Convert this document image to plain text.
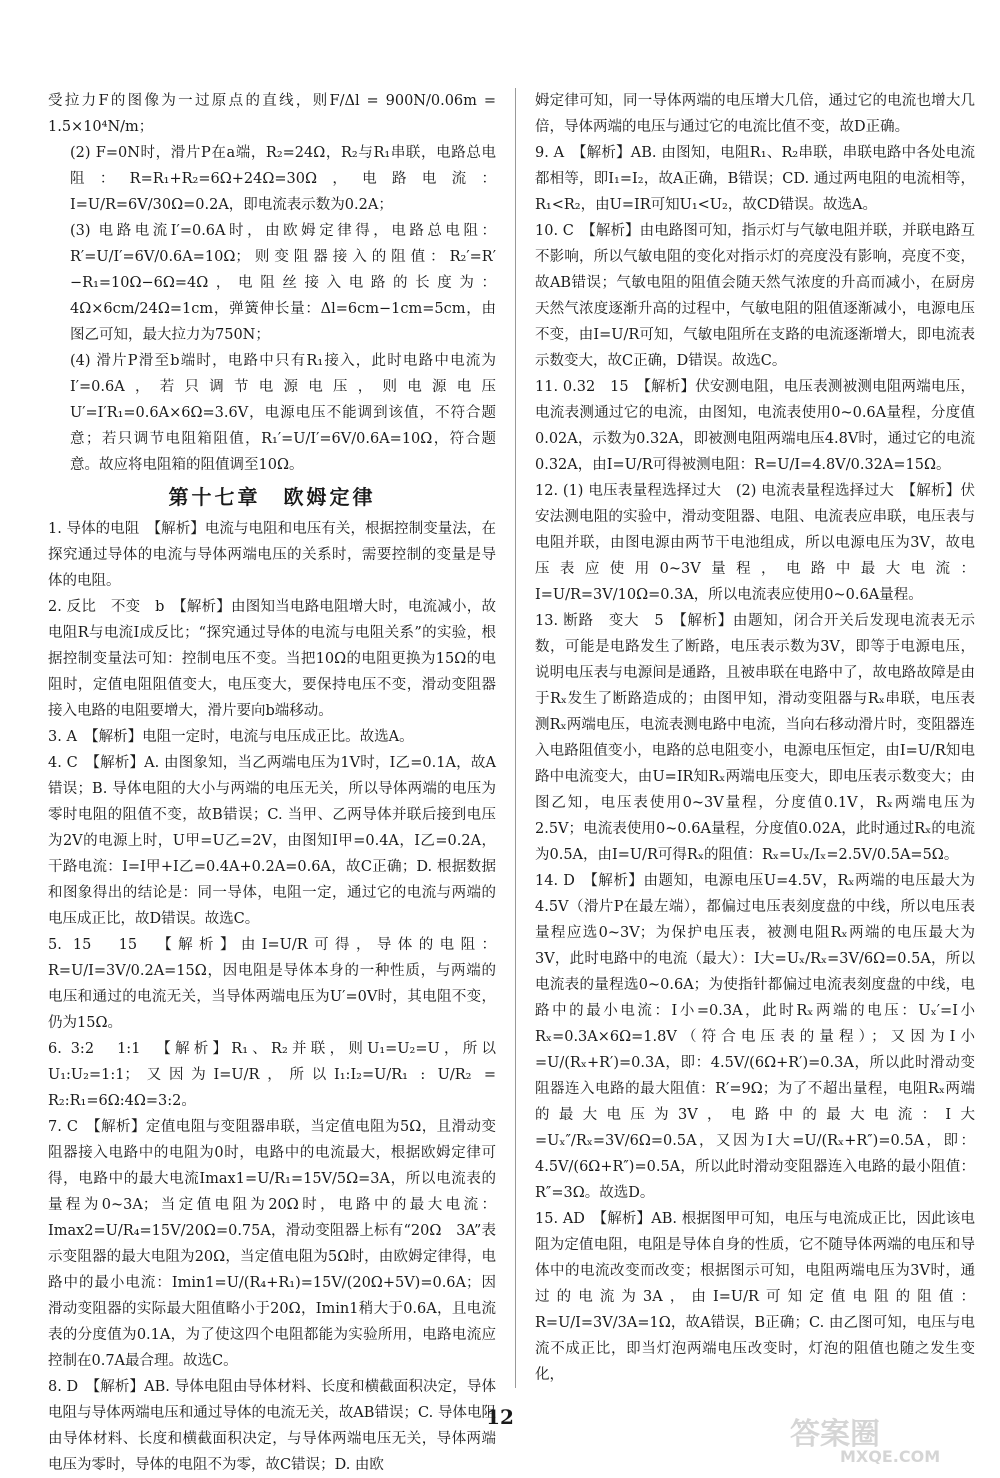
受拉力F的图像为一过原点的直线，则F/Δl = 900N/0.06m = 1.5×10⁴N/m；

(2) F=0N时，滑片P在a端，R₂=24Ω，R₂与R₁串联，电路总电阻：R=R₁+R₂=6Ω+24Ω=30Ω，电路电流：I=U/R=6V/30Ω=0.2A，即电流表示数为0.2A；

(3) 电路电流I′=0.6A时，由欧姆定律得，电路总电阻：R′=U/I′=6V/0.6A=10Ω；则变阻器接入的阻值：R₂′=R′−R₁=10Ω−6Ω=4Ω，电阻丝接入电路的长度为：4Ω×6cm/24Ω=1cm，弹簧伸长量：Δl=6cm−1cm=5cm，由图乙可知，最大拉力为750N；

(4) 滑片P滑至b端时，电路中只有R₁接入，此时电路中电流为I′=0.6A，若只调节电源电压，则电源电压U′=I′R₁=0.6A×6Ω=3.6V，电源电压不能调到该值，不符合题意；若只调节电阻箱阻值，R₁′=U/I′=6V/0.6A=10Ω，符合题意。故应将电阻箱的阻值调至10Ω。

第十七章　欧姆定律

1. 导体的电阻　【解析】电流与电阻和电压有关，根据控制变量法，在探究通过导体的电流与导体两端电压的关系时，需要控制的变量是导体的电阻。

2. 反比　不变　b　【解析】由图知当电路电阻增大时，电流减小，故电阻R与电流I成反比；“探究通过导体的电流与电阻关系”的实验，根据控制变量法可知：控制电压不变。当把10Ω的电阻更换为15Ω的电阻时，定值电阻阻值变大，电压变大，要保持电压不变，滑动变阻器接入电路的电阻要增大，滑片要向b端移动。

3. A　【解析】电阻一定时，电流与电压成正比。故选A。

4. C　【解析】A. 由图象知，当乙两端电压为1V时，I乙=0.1A，故A错误；B. 导体电阻的大小与两端的电压无关，所以导体两端的电压为零时电阻的阻值不变，故B错误；C. 当甲、乙两导体并联后接到电压为2V的电源上时，U甲=U乙=2V，由图知I甲=0.4A，I乙=0.2A，干路电流：I=I甲+I乙=0.4A+0.2A=0.6A，故C正确；D. 根据数据和图象得出的结论是：同一导体，电阻一定，通过它的电流与两端的电压成正比，故D错误。故选C。

5. 15　15　【解析】由I=U/R可得，导体的电阻：R=U/I=3V/0.2A=15Ω，因电阻是导体本身的一种性质，与两端的电压和通过的电流无关，当导体两端电压为U′=0V时，其电阻不变，仍为15Ω。

6. 3:2　1:1　【解析】R₁、R₂并联，则U₁=U₂=U，所以U₁:U₂=1:1；又因为I=U/R，所以I₁:I₂=U/R₁ : U/R₂ = R₂:R₁=6Ω:4Ω=3:2。

7. C　【解析】定值电阻与变阻器串联，当定值电阻为5Ω，且滑动变阻器接入电路中的电阻为0时，电路中的电流最大，根据欧姆定律可得，电路中的最大电流Imax1=U/R₁=15V/5Ω=3A，所以电流表的量程为0~3A；当定值电阻为20Ω时，电路中的最大电流：Imax2=U/R₄=15V/20Ω=0.75A，滑动变阻器上标有“20Ω　3A”表示变阻器的最大电阻为20Ω，当定值电阻为5Ω时，由欧姆定律得，电路中的最小电流：Imin1=U/(R₄+R₁)=15V/(20Ω+5V)=0.6A；因滑动变阻器的实际最大阻值略小于20Ω，Imin1稍大于0.6A，且电流表的分度值为0.1A，为了使这四个电阻都能为实验所用，电路电流应控制在0.7A最合理。故选C。

8. D　【解析】AB. 导体电阻由导体材料、长度和横截面积决定，导体电阻与导体两端电压和通过导体的电流无关，故AB错误；C. 导体电阻由导体材料、长度和横截面积决定，与导体两端电压无关，导体两端电压为零时，导体的电阻不为零，故C错误；D. 由欧

姆定律可知，同一导体两端的电压增大几倍，通过它的电流也增大几倍，导体两端的电压与通过它的电流比值不变，故D正确。

9. A　【解析】AB. 由图知，电阻R₁、R₂串联，串联电路中各处电流都相等，即I₁=I₂，故A正确，B错误；CD. 通过两电阻的电流相等，R₁<R₂，由U=IR可知U₁<U₂，故CD错误。故选A。

10. C　【解析】由电路图可知，指示灯与气敏电阻并联，并联电路互不影响，所以气敏电阻的变化对指示灯的亮度没有影响，亮度不变，故AB错误；气敏电阻的阻值会随天然气浓度的升高而减小，在厨房天然气浓度逐渐升高的过程中，气敏电阻的阻值逐渐减小，电源电压不变，由I=U/R可知，气敏电阻所在支路的电流逐渐增大，即电流表示数变大，故C正确，D错误。故选C。

11. 0.32　15　【解析】伏安测电阻，电压表测被测电阻两端电压，电流表测通过它的电流，由图知，电流表使用0~0.6A量程，分度值0.02A，示数为0.32A，即被测电阻两端电压4.8V时，通过它的电流0.32A，由I=U/R可得被测电阻：R=U/I=4.8V/0.32A=15Ω。

12. (1) 电压表量程选择过大　(2) 电流表量程选择过大　【解析】伏安法测电阻的实验中，滑动变阻器、电阻、电流表应串联，电压表与电阻并联，由图电源由两节干电池组成，所以电源电压为3V，故电压表应使用0~3V量程，电路中最大电流：I=U/R=3V/10Ω=0.3A，所以电流表应使用0~0.6A量程。

13. 断路　变大　5　【解析】由题知，闭合开关后发现电流表无示数，可能是电路发生了断路，电压表示数为3V，即等于电源电压，说明电压表与电源间是通路，且被串联在电路中了，故电路故障是由于Rₓ发生了断路造成的；由图甲知，滑动变阻器与Rₓ串联，电压表测Rₓ两端电压，电流表测电路中电流，当向右移动滑片时，变阻器连入电路阻值变小，电路的总电阻变小，电源电压恒定，由I=U/R知电路中电流变大，由U=IR知Rₓ两端电压变大，即电压表示数变大；由图乙知，电压表使用0~3V量程，分度值0.1V，Rₓ两端电压为2.5V；电流表使用0~0.6A量程，分度值0.02A，此时通过Rₓ的电流为0.5A，由I=U/R可得Rₓ的阻值：Rₓ=Uₓ/Iₓ=2.5V/0.5A=5Ω。

14. D　【解析】由题知，电源电压U=4.5V，Rₓ两端的电压最大为4.5V（滑片P在最左端），都偏过电压表刻度盘的中线，所以电压表量程应选0~3V；为保护电压表，被测电阻Rₓ两端的电压最大为3V，此时电路中的电流（最大）：I大=Uₓ/Rₓ=3V/6Ω=0.5A，所以电流表的量程选0~0.6A；为使指针都偏过电流表刻度盘的中线，电路中的最小电流：I小=0.3A，此时Rₓ两端的电压：Uₓ′=I小Rₓ=0.3A×6Ω=1.8V（符合电压表的量程）；又因为I小=U/(Rₓ+R′)=0.3A，即：4.5V/(6Ω+R′)=0.3A，所以此时滑动变阻器连入电路的最大阻值：R′=9Ω；为了不超出量程，电阻Rₓ两端的最大电压为3V，电路中的最大电流：I大=Uₓ″/Rₓ=3V/6Ω=0.5A，又因为I大=U/(Rₓ+R″)=0.5A，即：4.5V/(6Ω+R″)=0.5A，所以此时滑动变阻器连入电路的最小阻值：R″=3Ω。故选D。

15. AD　【解析】AB. 根据图甲可知，电压与电流成正比，因此该电阻为定值电阻，电阻是导体自身的性质，它不随导体两端的电压和导体中的电流改变而改变；根据图示可知，电阻两端电压为3V时，通过的电流为3A，由I=U/R可知定值电阻的阻值：R=U/I=3V/3A=1Ω，故A错误，B正确；C. 由乙图可知，电压与电流不成正比，即当灯泡两端电压改变时，灯泡的阻值也随之发生变化，

12	答案圈
MXQE.COM
